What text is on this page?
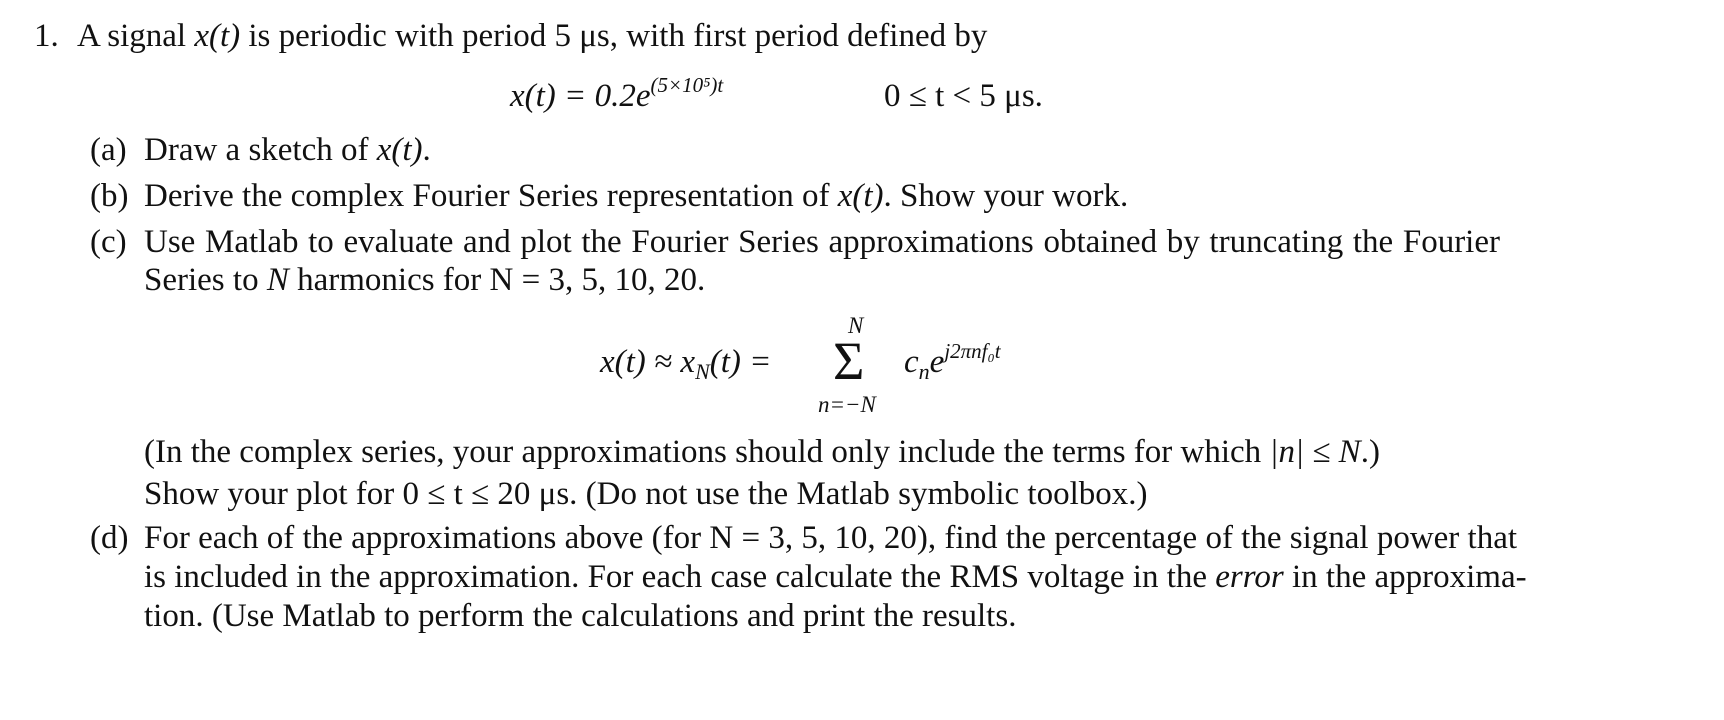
1. A signal x(t) is periodic with period 5 μs, with first period defined by
$x(t) = 0.2e^{(5\times 10^5)t}$	0 ≤ t < 5 μs.
(a) Draw a sketch of x(t).
(b) Derive the complex Fourier Series representation of x(t). Show your work.
(c) Use Matlab to evaluate and plot the Fourier Series approximations obtained by truncating the Fourier
Series to N harmonics for N = 3, 5, 10, 20.
$x(t) \approx x_N(t)$ =
N
Σ
n=−N
$c_ne^{j2\pi nf_0t}$
(In the complex series, your approximations should only include the terms for which |n| ≤ N.)
Show your plot for 0 ≤ t ≤ 20 μs. (Do not use the Matlab symbolic toolbox.)
(d) For each of the approximations above (for N = 3, 5, 10, 20), find the percentage of the signal power that
is included in the approximation. For each case calculate the RMS voltage in the error in the approxima-
tion. (Use Matlab to perform the calculations and print the results.
